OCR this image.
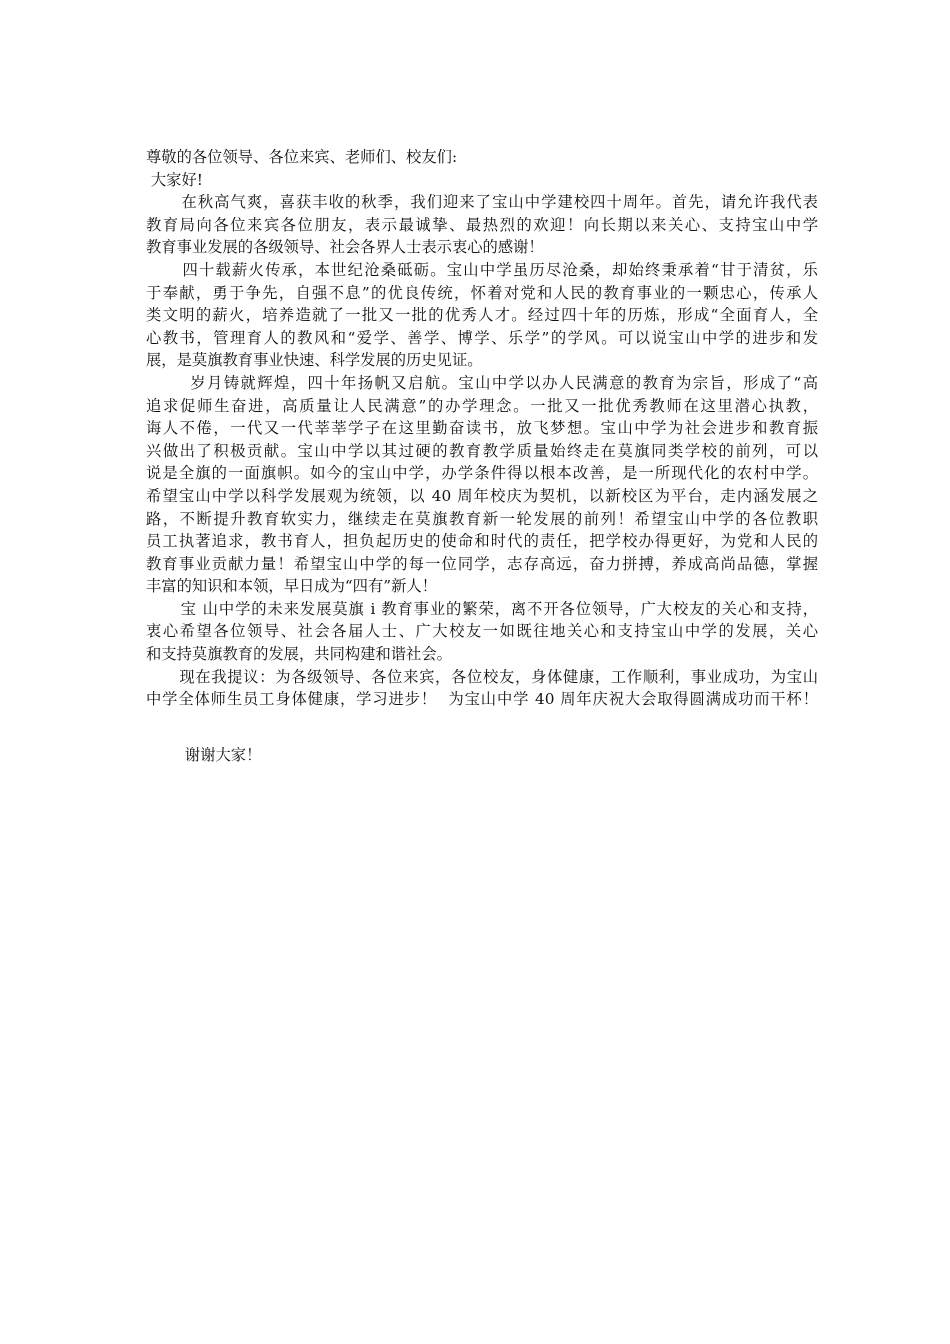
尊敬的各位领导、各位来宾、老师们、校友们:
大家好!
在秋高气爽，喜获丰收的秋季，我们迎来了宝山中学建校四十周年。首先，请允许我代表
教育局向各位来宾各位朋友，表示最诚挚、最热烈的欢迎！向长期以来关心、支持宝山中学
教育事业发展的各级领导、社会各界人士表示衷心的感谢！
四十载薪火传承，本世纪沧桑砥砺。宝山中学虽历尽沧桑，却始终秉承着“甘于清贫，乐
于奉献，勇于争先，自强不息”的优良传统，怀着对党和人民的教育事业的一颗忠心，传承人
类文明的薪火，培养造就了一批又一批的优秀人才。经过四十年的历炼，形成“全面育人，全
心教书，管理育人的教风和“爱学、善学、博学、乐学”的学风。可以说宝山中学的进步和发
展，是莫旗教育事业快速、科学发展的历史见证。
岁月铸就辉煌，四十年扬帆又启航。宝山中学以办人民满意的教育为宗旨，形成了“高
追求促师生奋进，高质量让人民满意”的办学理念。一批又一批优秀教师在这里潜心执教，
诲人不倦，一代又一代莘莘学子在这里勤奋读书，放飞梦想。宝山中学为社会进步和教育振
兴做出了积极贡献。宝山中学以其过硬的教育教学质量始终走在莫旗同类学校的前列，可以
说是全旗的一面旗帜。如今的宝山中学，办学条件得以根本改善，是一所现代化的农村中学。
希望宝山中学以科学发展观为统领，以 40 周年校庆为契机，以新校区为平台，走内涵发展之
路，不断提升教育软实力，继续走在莫旗教育新一轮发展的前列！希望宝山中学的各位教职
员工执著追求，教书育人，担负起历史的使命和时代的责任，把学校办得更好，为党和人民的
教育事业贡献力量！希望宝山中学的每一位同学，志存高远，奋力拼搏，养成高尚品德，掌握
丰富的知识和本领，早日成为“四有”新人！
宝 山中学的未来发展莫旗 i 教育事业的繁荣，离不开各位领导，广大校友的关心和支持，
衷心希望各位领导、社会各届人士、广大校友一如既往地关心和支持宝山中学的发展，关心
和支持莫旗教育的发展，共同构建和谐社会。
现在我提议：为各级领导、各位来宾，各位校友，身体健康，工作顺利，事业成功，为宝山
中学全体师生员工身体健康，学习进步！  为宝山中学 40 周年庆祝大会取得圆满成功而干杯！
谢谢大家！
